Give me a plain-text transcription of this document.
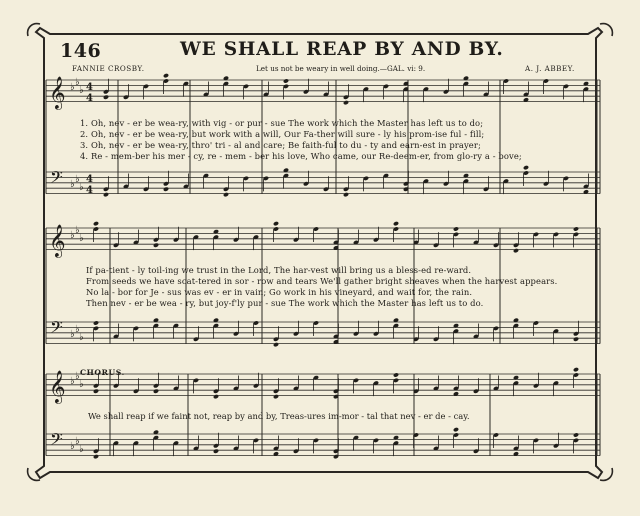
146	WE SHALL REAP BY AND BY.
FANNIE CROSBY.	Let us not be weary in well doing.—GAL. vi: 9.	A. J. ABBEY.
𝄞
𝄢
♭ ♭
♭
♭ ♭
♭
4
4
4
4
𝄞
𝄢
♭ ♭
♭
♭ ♭
♭
𝄞
𝄢
♭ ♭
♭
♭ ♭
♭
1. Oh, nev - er be wea-ry, with vig - or pur - sue The work which the Master has left us to do;
2. Oh, nev - er be wea-ry, but work with a will, Our Fa-ther will sure - ly his prom-ise ful - fill;
3. Oh, nev - er be wea-ry, thro' tri - al and care; Be faith-ful to du - ty and earn-est in prayer;
4. Re - mem-ber his mer - cy, re - mem - ber his love, Who came, our Re-deem-er, from glo-ry a - bove;
If pa-tient - ly toil-ing we trust in the Lord, The har-vest will bring us a bless-ed re-ward.
From seeds we have scat-tered in sor - row and tears We'll gather bright sheaves when the harvest appears.
No la - bor for Je - sus was ev - er in vain; Go work in his vineyard, and wait for, the rain.
Then nev - er be wea - ry, but joy-f'ly pur - sue The work which the Master has left us to do.
CHORUS.
We shall reap if we faint not, reap by and by, Treas-ures im-mor - tal that nev - er de - cay.
